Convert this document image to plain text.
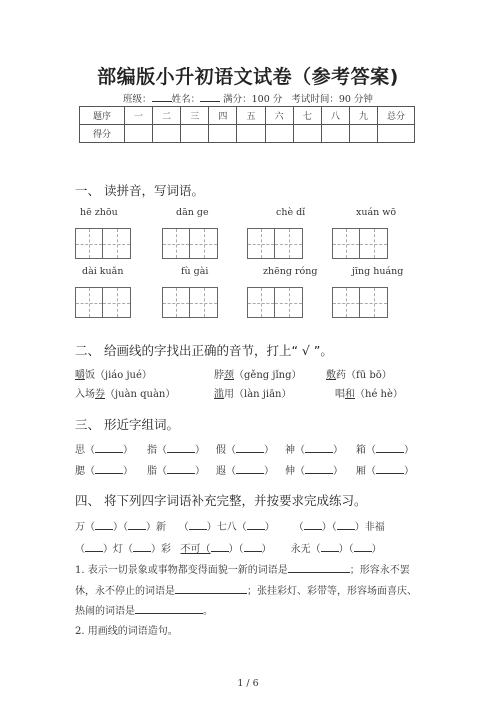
部编版小升初语文试卷（参考答案)
班级： 姓名： 满分：100 分 考试时间：90 分钟
题序	一	二	三	四	五	六	七	八	九	总分
得分										
一、 读拼音，写词语。
hē zhōu	dān ge	chè dǐ	xuán wō
dài kuǎn	fù gài	zhēng róng	jīng huáng
二、 给画线的字找出正确的音节，打上“ √ ”。
嚼饭（jiáo jué）	脖颈（gěng jǐng） 敷药（fū bō）
入场券（juàn quàn）	滥用（làn jiān）	唱和（hé hè）
三、 形近字组词。
思（	） 指（	） 假（	） 神（	） 箱（	）
腮（	） 脂（	） 遐（	） 伸（	） 厢（	）
四、 将下列四字词语补充完整，并按要求完成练习。
万（ ）（ ）新 （ ）七八（ ） （ ）（ ）非福
（ ）灯（ ）彩 不可（ ）（ ） 永无（ ）（ ）
1. 表示一切景象或事物都变得面貌一新的词语是	；形容永不罢
休，永不停止的词语是	；张挂彩灯、彩带等，形容场面喜庆、
热闹的词语是	。
2. 用画线的词语造句。
1 / 6
